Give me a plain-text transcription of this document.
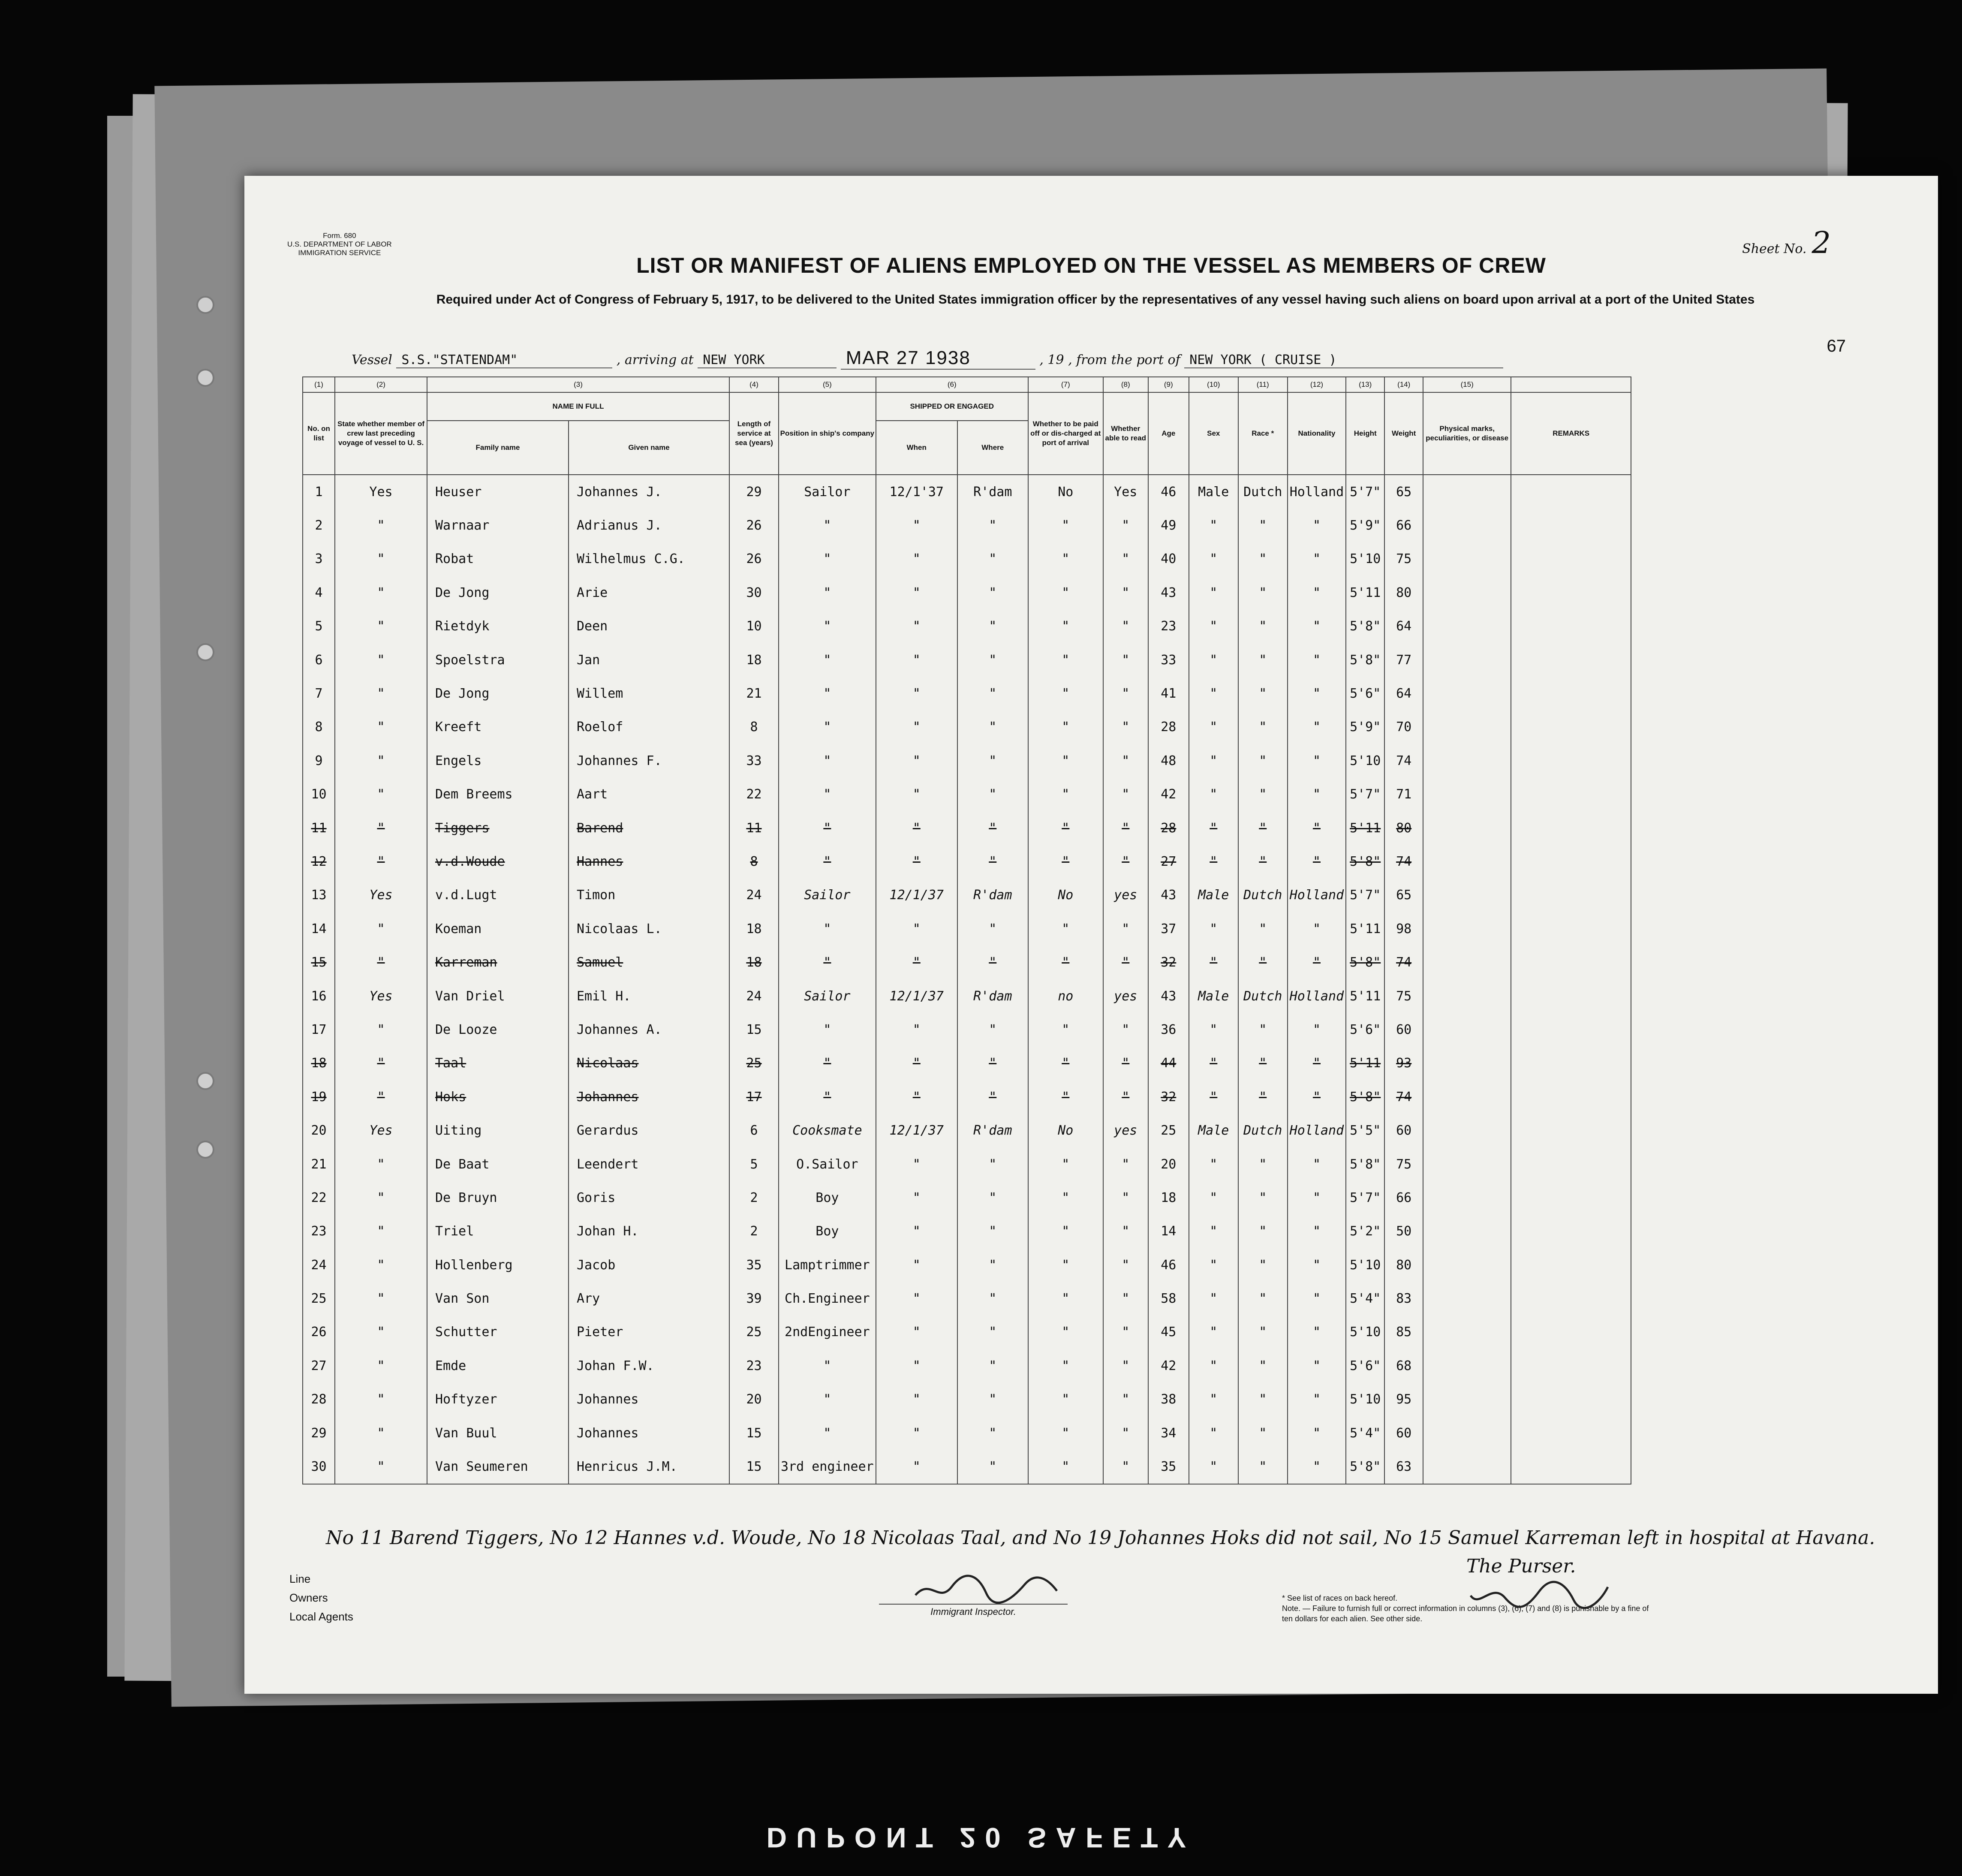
Form. 680
U.S. DEPARTMENT OF LABOR
IMMIGRATION SERVICE	Sheet No. 2
LIST OR MANIFEST OF ALIENS EMPLOYED ON THE VESSEL AS MEMBERS OF CREW
Required under Act of Congress of February 5, 1917, to be delivered to the United States immigration officer by the representatives of any vessel having such aliens on board upon arrival at a port of the United States
67
Vessel S.S."STATENDAM"	, arriving at NEW YORK	MAR 27 1938	, 19 , from the port of NEW YORK ( CRUISE )
(1)	(2)	(3)		(4)	(5)	(6)		(7)	(8)	(9)	(10)	(11)	(12)	(13)	(14)	(15)	
No. on list	State whether member of crew last preceding voyage of vessel to U. S.	NAME IN FULL		Length of service at sea (years)	Position in ship's company	SHIPPED OR ENGAGED		Whether to be paid off or dis-charged at port of arrival	Whether able to read	Age	Sex	Race *	Nationality	Height	Weight	Physical marks, peculiarities, or disease	REMARKS
		Family name	Given name			When	Where										
1	Yes	Heuser	Johannes J.	29	Sailor	12/1'37	R'dam	No	Yes	46	Male	Dutch	Holland	5'7"	65		
2	"	Warnaar	Adrianus J.	26	"	"	"	"	"	49	"	"	"	5'9"	66		
3	"	Robat	Wilhelmus C.G.	26	"	"	"	"	"	40	"	"	"	5'10	75		
4	"	De Jong	Arie	30	"	"	"	"	"	43	"	"	"	5'11	80		
5	"	Rietdyk	Deen	10	"	"	"	"	"	23	"	"	"	5'8"	64		
6	"	Spoelstra	Jan	18	"	"	"	"	"	33	"	"	"	5'8"	77		
7	"	De Jong	Willem	21	"	"	"	"	"	41	"	"	"	5'6"	64		
8	"	Kreeft	Roelof	8	"	"	"	"	"	28	"	"	"	5'9"	70		
9	"	Engels	Johannes F.	33	"	"	"	"	"	48	"	"	"	5'10	74		
10	"	Dem Breems	Aart	22	"	"	"	"	"	42	"	"	"	5'7"	71		
11	"	Tiggers	Barend	11	"	"	"	"	"	28	"	"	"	5'11	80		
12	"	v.d.Woude	Hannes	8	"	"	"	"	"	27	"	"	"	5'8"	74		
13	Yes	v.d.Lugt	Timon	24	Sailor	12/1/37	R'dam	No	yes	43	Male	Dutch	Holland	5'7"	65		
14	"	Koeman	Nicolaas L.	18	"	"	"	"	"	37	"	"	"	5'11	98		
15	"	Karreman	Samuel	18	"	"	"	"	"	32	"	"	"	5'8"	74		
16	Yes	Van Driel	Emil H.	24	Sailor	12/1/37	R'dam	no	yes	43	Male	Dutch	Holland	5'11	75		
17	"	De Looze	Johannes A.	15	"	"	"	"	"	36	"	"	"	5'6"	60		
18	"	Taal	Nicolaas	25	"	"	"	"	"	44	"	"	"	5'11	93		
19	"	Hoks	Johannes	17	"	"	"	"	"	32	"	"	"	5'8"	74		
20	Yes	Uiting	Gerardus	6	Cooksmate	12/1/37	R'dam	No	yes	25	Male	Dutch	Holland	5'5"	60		
21	"	De Baat	Leendert	5	O.Sailor	"	"	"	"	20	"	"	"	5'8"	75		
22	"	De Bruyn	Goris	2	Boy	"	"	"	"	18	"	"	"	5'7"	66		
23	"	Triel	Johan H.	2	Boy	"	"	"	"	14	"	"	"	5'2"	50		
24	"	Hollenberg	Jacob	35	Lamptrimmer	"	"	"	"	46	"	"	"	5'10	80		
25	"	Van Son	Ary	39	Ch.Engineer	"	"	"	"	58	"	"	"	5'4"	83		
26	"	Schutter	Pieter	25	2ndEngineer	"	"	"	"	45	"	"	"	5'10	85		
27	"	Emde	Johan F.W.	23	"	"	"	"	"	42	"	"	"	5'6"	68		
28	"	Hoftyzer	Johannes	20	"	"	"	"	"	38	"	"	"	5'10	95		
29	"	Van Buul	Johannes	15	"	"	"	"	"	34	"	"	"	5'4"	60		
30	"	Van Seumeren	Henricus J.M.	15	3rd engineer	"	"	"	"	35	"	"	"	5'8"	63		
No 11 Barend Tiggers, No 12 Hannes v.d. Woude, No 18 Nicolaas Taal, and No 19 Johannes Hoks did not sail, No 15 Samuel Karreman left in hospital at Havana.
Line
Owners
Local Agents	Immigrant Inspector.
* See list of races on back hereof.
Note. — Failure to furnish full or correct information in columns (3), (6), (7) and (8) is punishable by a fine of ten dollars for each alien. See other side.
The Purser.
DUPONT 20 SAFETY
